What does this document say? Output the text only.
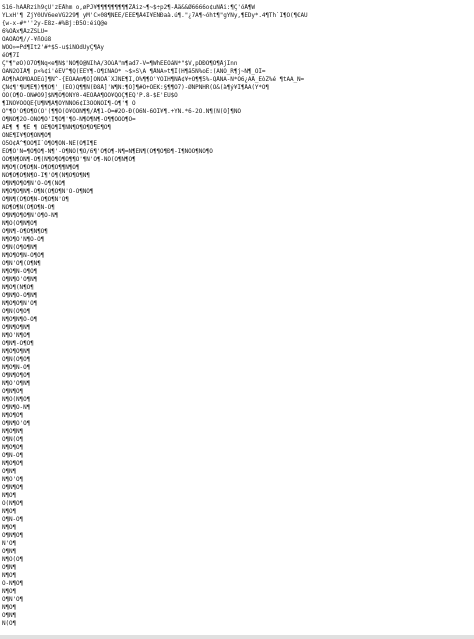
S16-hAÅRzih9çÜ'zÉÅhm o,øPJ¥¶¶¶¶¶¶¶¶¶ZÅiz~¶~$÷p2¶-Åä&&Ø6666o¢uNÅi:¶Ç'óÅ¶W
YLxH'¶ ZjY0ÛV6eeVG229¶ yM'C×08¶NÉÉ/ÉÉÉ¶Å4Ï¥ÉÑÐaà.ú¶."¿7Ã¶~óht¶"gYNy,¶EDy*.4¶Th`Ì¶Ö(¶€ÁÜ
{w-x-#*''2y-Ë8z-#%Bj:Ð5Ò:éiQ@e
6%ÔÅx¶ÅzZSLU=
ÔÃÕÅÔ¶//-¥ñÖú8
WÔÕ»=Pd¶Ît2'#*$5-u$iÑÖdÚyÇ¶Äy
éÔ¶7I
Ç"¶"øÒ)Õ7Õ¶Ñq<e¶Ñ$'ÑÒ¶Ò@NIhA/3ÓùÅ"m¶ad7-V=¶WhÉÉÓáÑ*"$V,pDÐÓ¶Ò¶ÅjÌnn
ÕÃÑ2ÔÍÅ¶ p»%¢i'éÉV^¶Q(ÉÈÝ¶-Ö¶íÑÃÔ* ~$»S\A ¶ÅÑÃ»t¶Ï(H¶ä5Ñ%oÊ:(ÃÑÕ_R¶j~Ñ¶_ÓÏ=
ÅÒ¶hÃÔMÒÀÔÉú]¶Ñ^-{ÉÕÃÄm¶Ô]ÓÑÒÅ`XJÑÊ¶Ì,Ò%¶¶Ó'YÓIH¶NÅ¢¥+Ö¶¶5%-QÅÑÃ-Ñ*Ô6¿AÅ_ÊòZ%é ¶tÃÁ_Ñ=
ÇÑ¢¶'¶Ú¶Ê¶)¶¶Ò¶'_(ÉÒ)Q¶¶Ñ(Ð8Å]'W¶Ñ:¶Ò]¶#Õ+ÒÊK:§¶¶Ó7)-ØÑPNHR(Ô&(à¶ý¥Ï¶ÅÁ(Y*Õ¶
ÒÒ(Ö¶Ò-ÖÑ#Ô9]$Ñ¶Ó¶ÒÑY0-4ÉÒÅÁ¶ÒÓ¥QÒÇ¶ÉQ'P.8-$É'ÉÛ$Õ
¶ÌÑÒ¥ÔÒQÊ{Ú¶Ñ¶Ä¶ÔÝÑÑÕ6¢Ì3ÔÕÑÒÌ¶-Ó¶'¶ Ò
Ò"¶Ò'Ò¶Ó¶Ô(Ó'(¶¶Ò(Ó¥ÖÒÑ¶¶/Å¶1-Ò=#2Ò-Ð(Ó6Ñ-6ÓÏ¥¶.+YÑ.*6-2Ó.Ñ¶(Ñ(Ò]¶ÑÒ
Ó¶ÑÕ¶2Ò-ÒÑÒ¶Ó'Ì¶Ò¶'¶Ö-Ñ¶Õ¶Ñ¶-Ò¶¶ÒÕÔ¶Ó=
ÄË¶ ¶ ¶É ¶ ÒÊ¶Ò¶Î¶ÑÑ¶Ò¶Ó¶Ò¶É¶Ö¶
ÔÑÊ¶Ì¥¶Ò¶ÓÑ¶Ö¶
Ô5Ó¢Å^¶ÖÖ¶Ì`Ò¶Ò¶ÕÑ-ÑÊ(Ó¶Ì¶É
ÊÒ¶Ò'Ñ=¶Ó¶Ò¶-Ñ¶'-Ò¶ÑÒ(¶Õ/6¶'Ò¶Ò¶-Ñ¶=Ñ¶ÉÑ¶(Ó¶¶Ò¶Ð¶-Ì¶ÑÒÓ¶ÑÒ¶Ö
ÒÒ¶Ñ¶ÒÑ¶-Ó¶(Ñ¶Ò¶Ò¶Õ¶¶Ò'¶Ñ'Ó¶-ÑÒ(Ó¶Ñ¶Ò¶
Ñ¶Ò¶(Ó¶Ö¶Ñ-Ò¶Ò¶Ó¶¶Ñ¶Ò¶
ÑÖ¶Ò¶Õ¶Ñ¶Ò-Ì¶'Ò¶(Ñ¶Ó¶Ò¶Ñ¶
Ò¶Ñ¶Õ¶Ò¶Ñ'Ò-Ó¶(ÑÒ¶
Ñ¶Ò¶Ó¶Ñ¶-Ò¶Ñ(Ò¶Õ¶Ñ'Ò-Ó¶ÑÒ¶
Ò¶Ñ¶(Ò¶Ó¶Ñ-Ò¶Õ¶Ñ'Ò¶
ÑÔ¶Ò¶Ñ(Ó¶Ò¶Ñ-Ò¶
Ò¶Ñ¶Ò¶Õ¶Ñ'Ò¶Ó-Ñ¶
Ñ¶Ò(Ó¶Ñ¶Ò¶
Ò¶Ñ¶-Ó¶Ò¶Ñ¶Õ¶
Ñ¶Ò¶Ó'Ñ¶Ò-Õ¶
Ò¶Ñ(Ó¶Ò¶Ñ¶
Ñ¶Ò¶Õ¶Ñ-Ò¶Ó¶
Ò¶Ñ'Ò¶(Ó¶Ñ¶
Ñ¶Ò¶Ñ-Ó¶Ò¶
Ò¶Ñ¶Õ'Ò¶Ñ¶
Ñ¶Ò¶(Ñ¶Ó¶
Ò¶Ñ¶Ò-Õ¶Ñ¶
Ñ¶Ò¶Ó¶Ñ'Ò¶
Ò¶Ñ(Ò¶Ó¶
Ñ¶Ò¶Ñ¶Õ-Ò¶
Ò¶Ñ¶Ó¶Ñ¶
Ñ¶Ò'Ñ¶Ò¶
Ò¶Ñ¶-Ò¶Ó¶
Ñ¶Ò¶Õ¶Ñ¶
Ò¶Ñ(Ó¶Ò¶
Ñ¶Ò¶Ñ-Ò¶
Ò¶Ñ¶Ò¶Ó¶
Ñ¶Ò'Õ¶Ñ¶
Ò¶Ñ¶Ò¶
Ñ¶Ò(Ñ¶Ó¶
Ò¶Ñ¶Ò-Ñ¶
Ñ¶Ò¶Õ¶
Ò¶Ñ¶Ó'Ò¶
Ñ¶Ò¶Ñ¶
Ò¶Ñ(Ò¶
Ñ¶Ò¶Ó¶
Ò¶Ñ-Ò¶
Ñ¶Ò¶Õ¶
Ò¶Ñ¶
Ñ¶Ò'Ó¶
Ò¶Ñ¶Ò¶
Ñ¶Ò¶
Ò(Ñ¶Ó¶
Ñ¶Ò¶
Ò¶Ñ-Õ¶
Ñ¶Ò¶
Ò¶Ñ¶Ó¶
Ñ'Ò¶
Ò¶Ñ¶
Ñ¶Ò(Ó¶
Ò¶Ñ¶
Ñ¶Ò¶
Ò-Ñ¶Õ¶
Ñ¶Ò¶
Ò¶Ñ'Ó¶
Ñ¶Ò¶
Ò¶Ñ¶
Ñ(Ò¶
